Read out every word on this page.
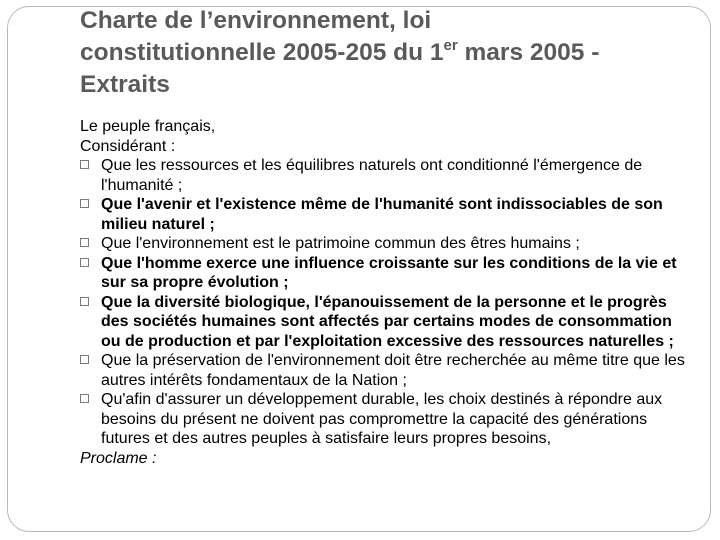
Charte de l’environnement, loi
constitutionnelle 2005-205 du 1er mars 2005 -
Extraits

Le peuple français,

Considérant :

Que les ressources et les équilibres naturels ont conditionné l'émergence de l'humanité ;
Que l'avenir et l'existence même de l'humanité sont indissociables de son milieu naturel ;
Que l'environnement est le patrimoine commun des êtres humains ;
Que l'homme exerce une influence croissante sur les conditions de la vie et sur sa propre évolution ;
Que la diversité biologique, l'épanouissement de la personne et le progrès des sociétés humaines sont affectés par certains modes de consommation ou de production et par l'exploitation excessive des ressources naturelles ;
Que la préservation de l'environnement doit être recherchée au même titre que les autres intérêts fondamentaux de la Nation ;
Qu'afin d'assurer un développement durable, les choix destinés à répondre aux besoins du présent ne doivent pas compromettre la capacité des générations futures et des autres peuples à satisfaire leurs propres besoins,

Proclame :
